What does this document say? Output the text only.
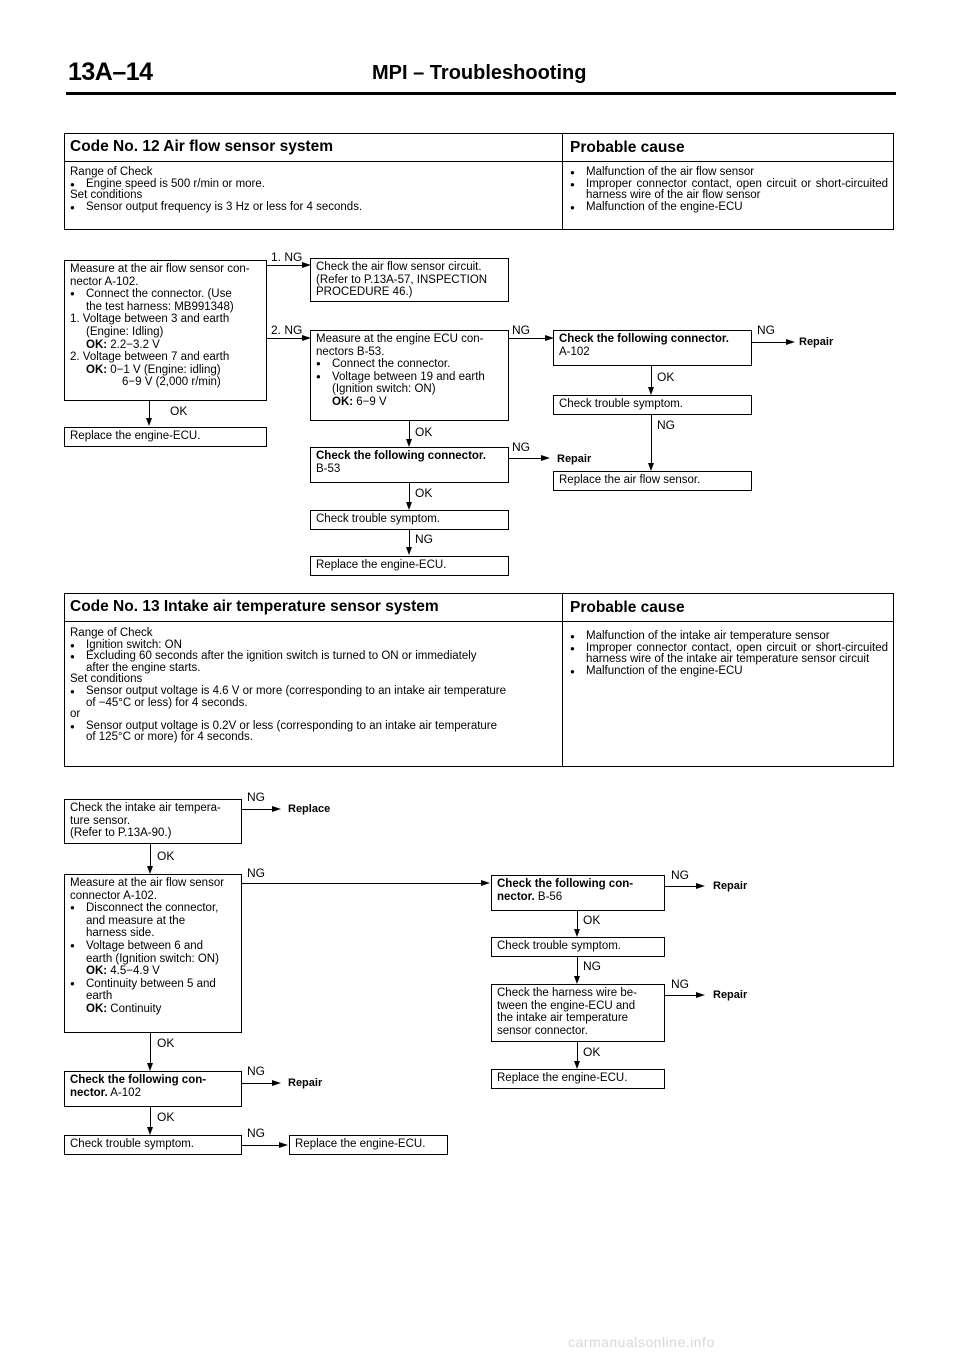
13A–14	MPI – Troubleshooting
Code No. 12 Air flow sensor system	Probable cause
Range of Check
● Engine speed is 500 r/min or more.
Set conditions
● Sensor output frequency is 3 Hz or less for 4 seconds.
● Malfunction of the air flow sensor
● Improper connector contact, open circuit or short-circuited harness wire of the air flow sensor
● Malfunction of the engine-ECU
Measure at the air flow sensor con-
nector A-102.
● Connect the connector. (Use
the test harness: MB991348)
1. Voltage between 3 and earth
(Engine: Idling)
OK: 2.2−3.2 V
2. Voltage between 7 and earth
OK: 0−1 V (Engine: idling)
6−9 V (2,000 r/min)
OK
Replace the engine-ECU.
1. NG
Check the air flow sensor circuit.
(Refer to P.13A-57, INSPECTION
PROCEDURE 46.)
2. NG
Measure at the engine ECU con-
nectors B-53.
● Connect the connector.
● Voltage between 19 and earth
(Ignition switch: ON)
OK: 6−9 V
NG
Check the following connector.
A-102
NG
Repair
OK
Check trouble symptom.
NG
Replace the air flow sensor.
OK
Check the following connector.
B-53
NG
Repair
OK
Check trouble symptom.
NG
Replace the engine-ECU.
Code No. 13 Intake air temperature sensor system	Probable cause
Range of Check
● Ignition switch: ON
● Excluding 60 seconds after the ignition switch is turned to ON or immediately
after the engine starts.
Set conditions
● Sensor output voltage is 4.6 V or more (corresponding to an intake air temperature
of −45°C or less) for 4 seconds.
or
● Sensor output voltage is 0.2V or less (corresponding to an intake air temperature
of 125°C or more) for 4 seconds.
● Malfunction of the intake air temperature sensor
● Improper connector contact, open circuit or short-circuited harness wire of the intake air temperature sensor circuit
● Malfunction of the engine-ECU
Check the intake air tempera-
ture sensor.
(Refer to P.13A-90.)
NG
Replace
OK
Measure at the air flow sensor
connector A-102.
● Disconnect the connector,
and measure at the
harness side.
● Voltage between 6 and
earth (Ignition switch: ON)
OK: 4.5−4.9 V
● Continuity between 5 and
earth
OK: Continuity
NG
Check the following con-
nector. B-56
NG
Repair
OK
Check trouble symptom.
NG
Check the harness wire be-
tween the engine-ECU and
the intake air temperature
sensor connector.
NG
Repair
OK
Replace the engine-ECU.
OK
Check the following con-
nector. A-102
NG
Repair
OK
Check trouble symptom.
NG
Replace the engine-ECU.
carmanualsonline.info
